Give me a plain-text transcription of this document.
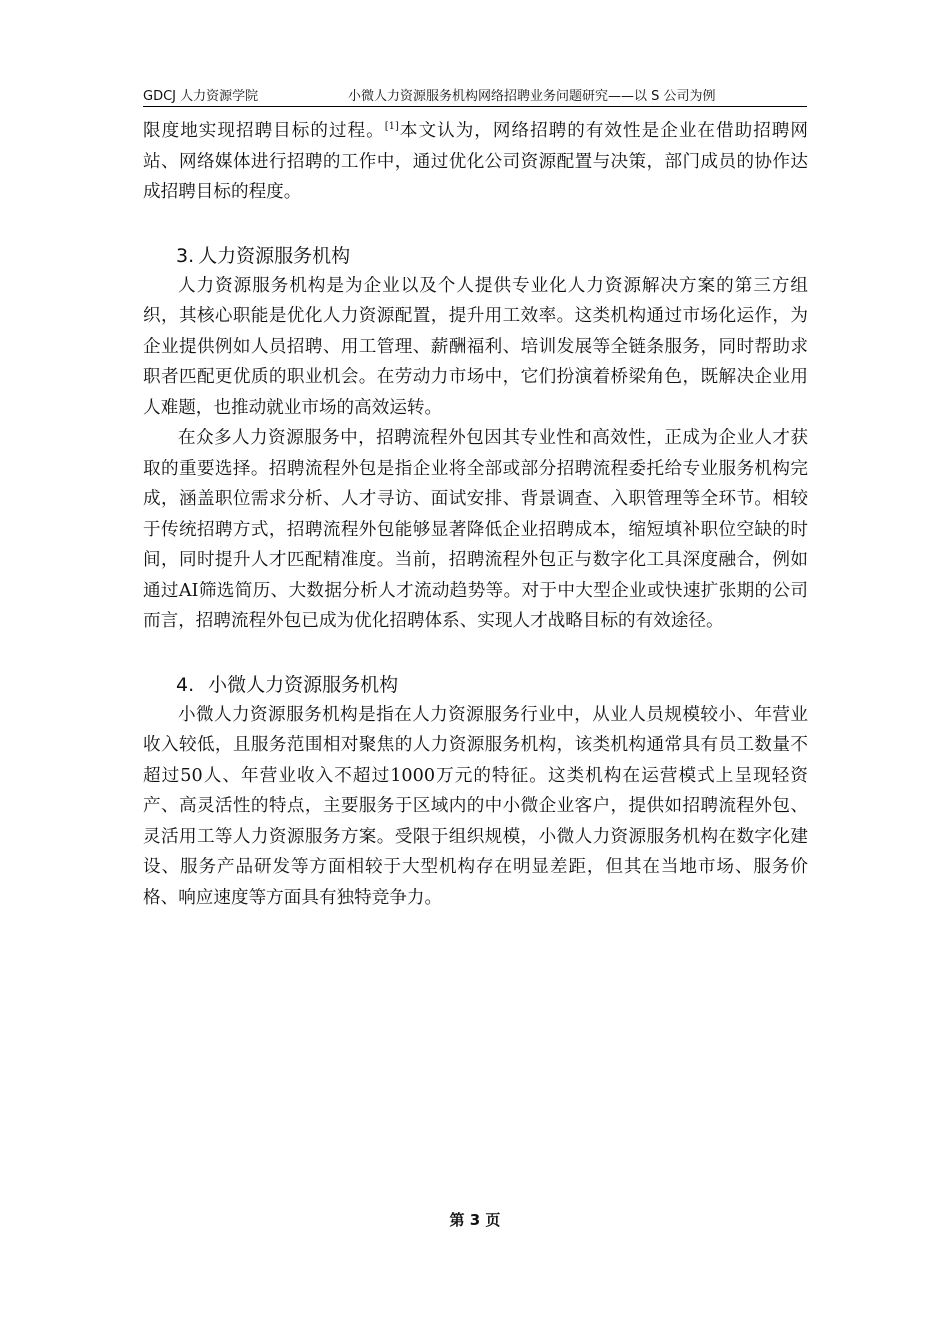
GDCJ 人力资源学院	小微人力资源服务机构网络招聘业务问题研究——以 S 公司为例

限度地实现招聘目标的过程。[1]本文认为，网络招聘的有效性是企业在借助招聘网站、网络媒体进行招聘的工作中，通过优化公司资源配置与决策，部门成员的协作达成招聘目标的程度。

3. 人力资源服务机构

人力资源服务机构是为企业以及个人提供专业化人力资源解决方案的第三方组织，其核心职能是优化人力资源配置，提升用工效率。这类机构通过市场化运作，为企业提供例如人员招聘、用工管理、薪酬福利、培训发展等全链条服务，同时帮助求职者匹配更优质的职业机会。在劳动力市场中，它们扮演着桥梁角色，既解决企业用人难题，也推动就业市场的高效运转。

在众多人力资源服务中，招聘流程外包因其专业性和高效性，正成为企业人才获取的重要选择。招聘流程外包是指企业将全部或部分招聘流程委托给专业服务机构完成，涵盖职位需求分析、人才寻访、面试安排、背景调查、入职管理等全环节。相较于传统招聘方式，招聘流程外包能够显著降低企业招聘成本，缩短填补职位空缺的时间，同时提升人才匹配精准度。当前，招聘流程外包正与数字化工具深度融合，例如通过AI筛选简历、大数据分析人才流动趋势等。对于中大型企业或快速扩张期的公司而言，招聘流程外包已成为优化招聘体系、实现人才战略目标的有效途径。

4. 小微人力资源服务机构

小微人力资源服务机构是指在人力资源服务行业中，从业人员规模较小、年营业收入较低，且服务范围相对聚焦的人力资源服务机构，该类机构通常具有员工数量不超过50人、年营业收入不超过1000万元的特征。这类机构在运营模式上呈现轻资产、高灵活性的特点，主要服务于区域内的中小微企业客户，提供如招聘流程外包、灵活用工等人力资源服务方案。受限于组织规模，小微人力资源服务机构在数字化建设、服务产品研发等方面相较于大型机构存在明显差距，但其在当地市场、服务价格、响应速度等方面具有独特竞争力。

第 3 页
